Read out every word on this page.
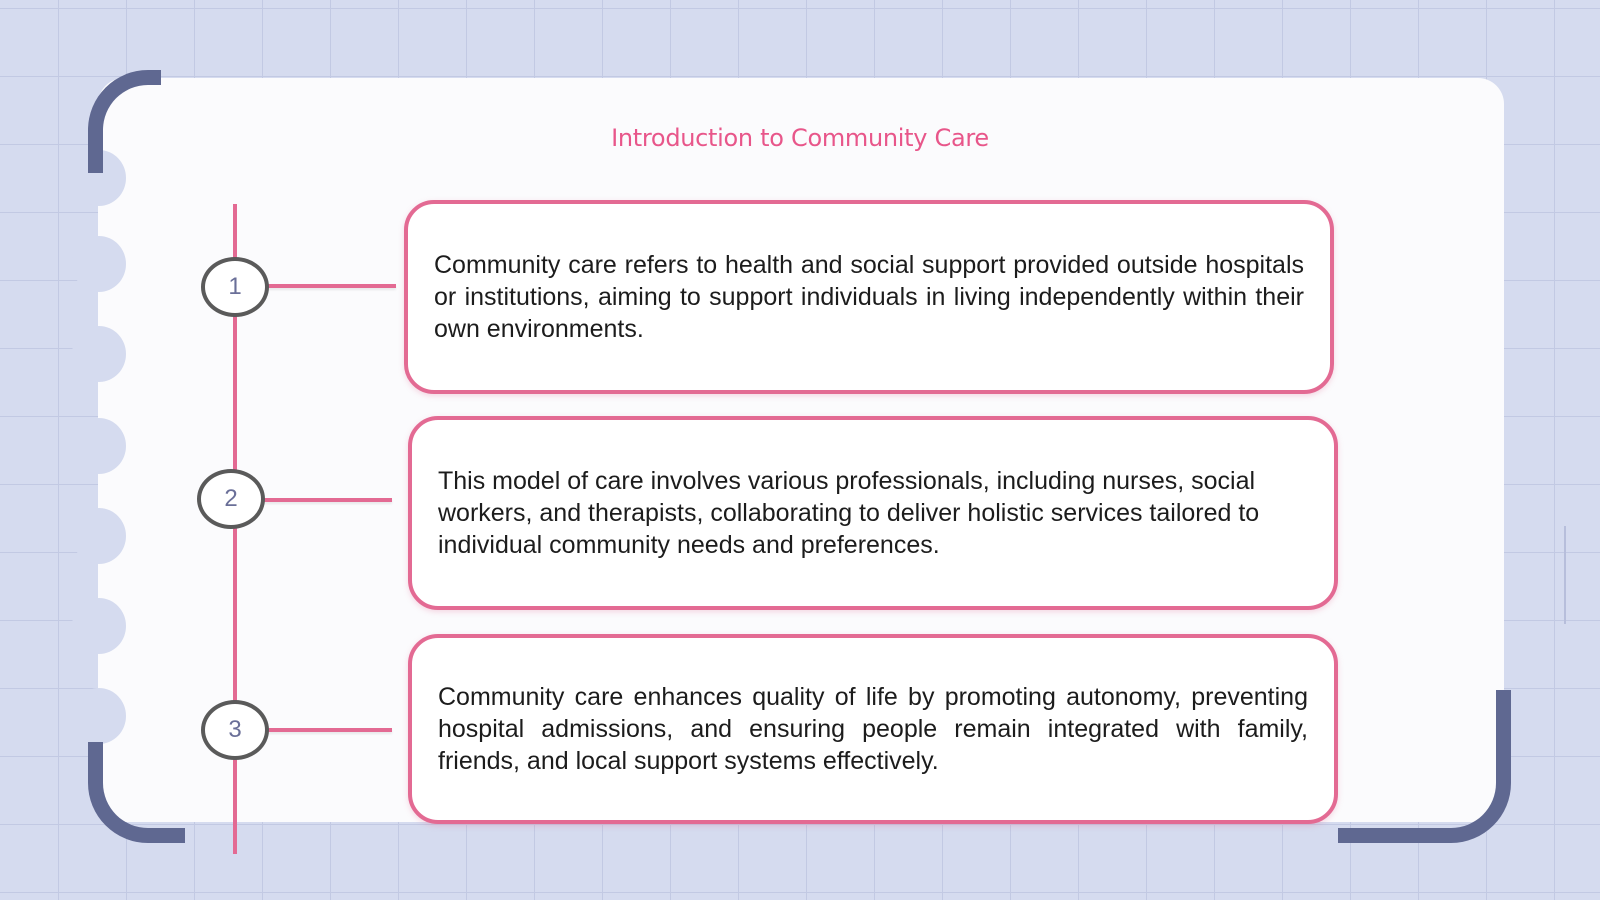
Introduction to Community Care
1
Community care refers to health and social support provided outside hospitals or institutions, aiming to support individuals in living independently within their own environments.
2
This model of care involves various professionals, including nurses, social workers, and therapists, collaborating to deliver holistic services tailored to individual community needs and preferences.
3
Community care enhances quality of life by promoting autonomy, preventing hospital admissions, and ensuring people remain integrated with family, friends, and local support systems effectively.
